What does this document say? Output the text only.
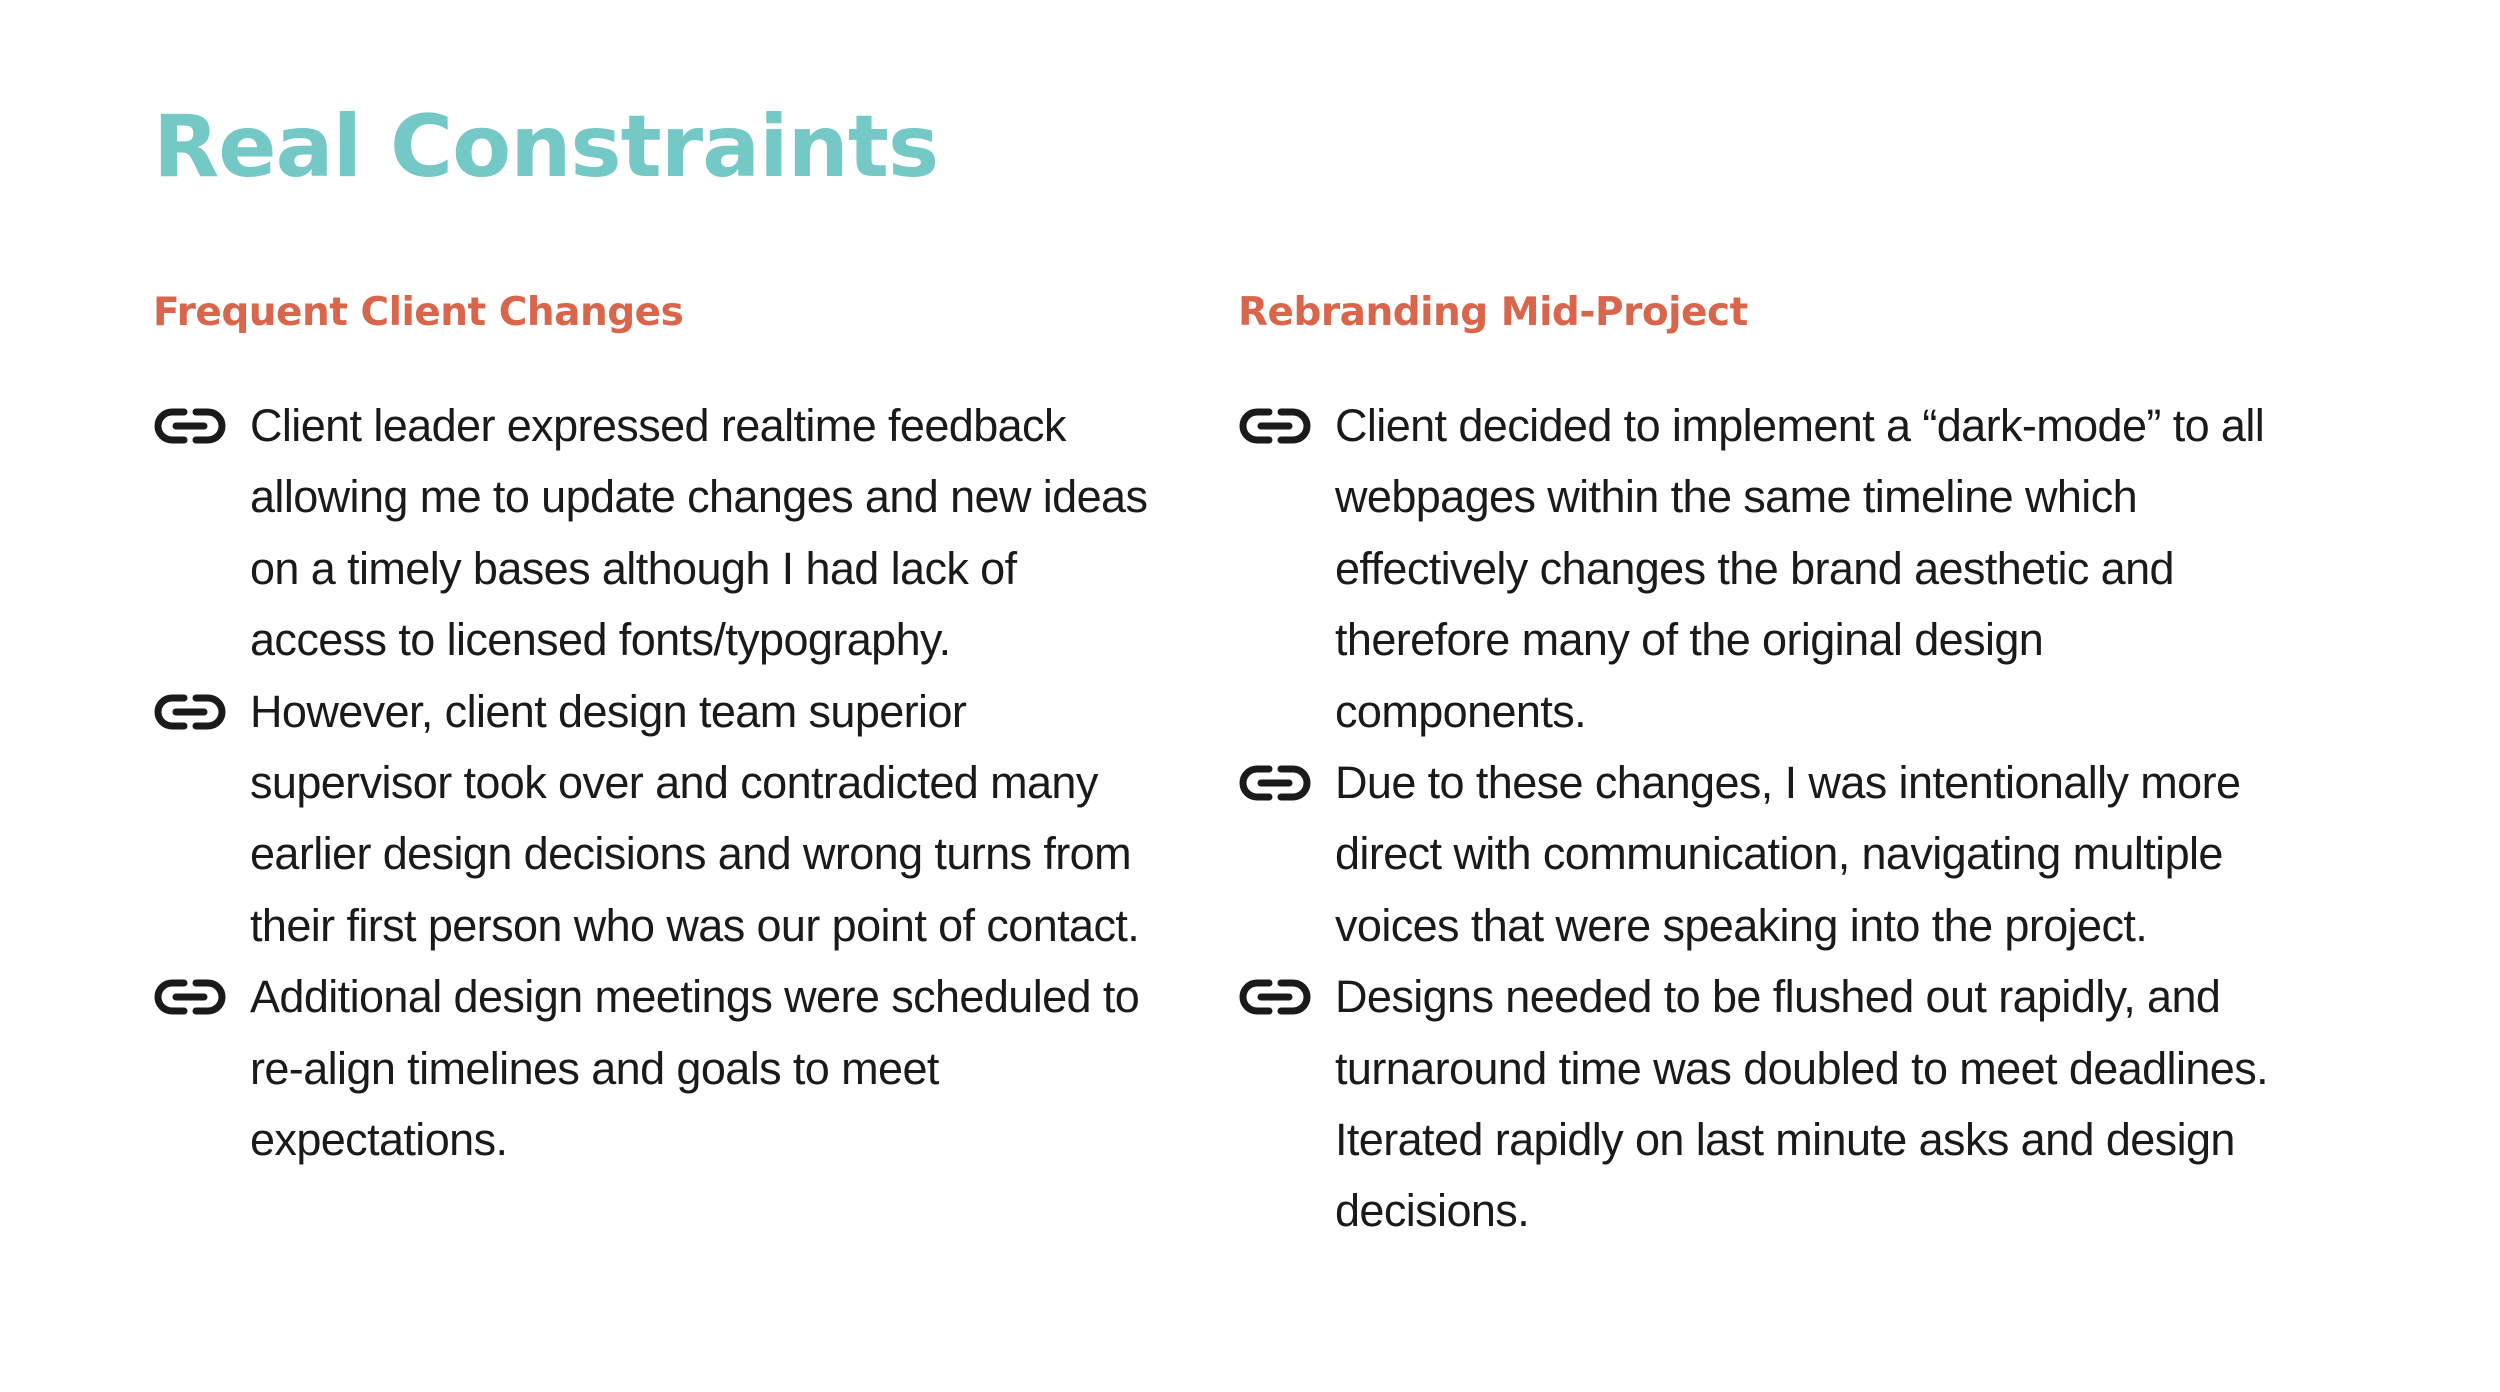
Real Constraints
Frequent Client Changes
Client leader expressed realtime feedback allowing me to update changes and new ideas on a timely bases although I had lack of access to licensed fonts/typography.
However, client design team superior supervisor took over and contradicted many earlier design decisions and wrong turns from their first person who was our point of contact.
Additional design meetings were scheduled to re-align timelines and goals to meet expectations.
Rebranding Mid-Project
Client decided to implement a “dark-mode” to all webpages within the same timeline which effectively changes the brand aesthetic and therefore many of the original design components.
Due to these changes, I was intentionally more direct with communication, navigating multiple voices that were speaking into the project.
Designs needed to be flushed out rapidly, and turnaround time was doubled to meet deadlines. Iterated rapidly on last minute asks and design decisions.
